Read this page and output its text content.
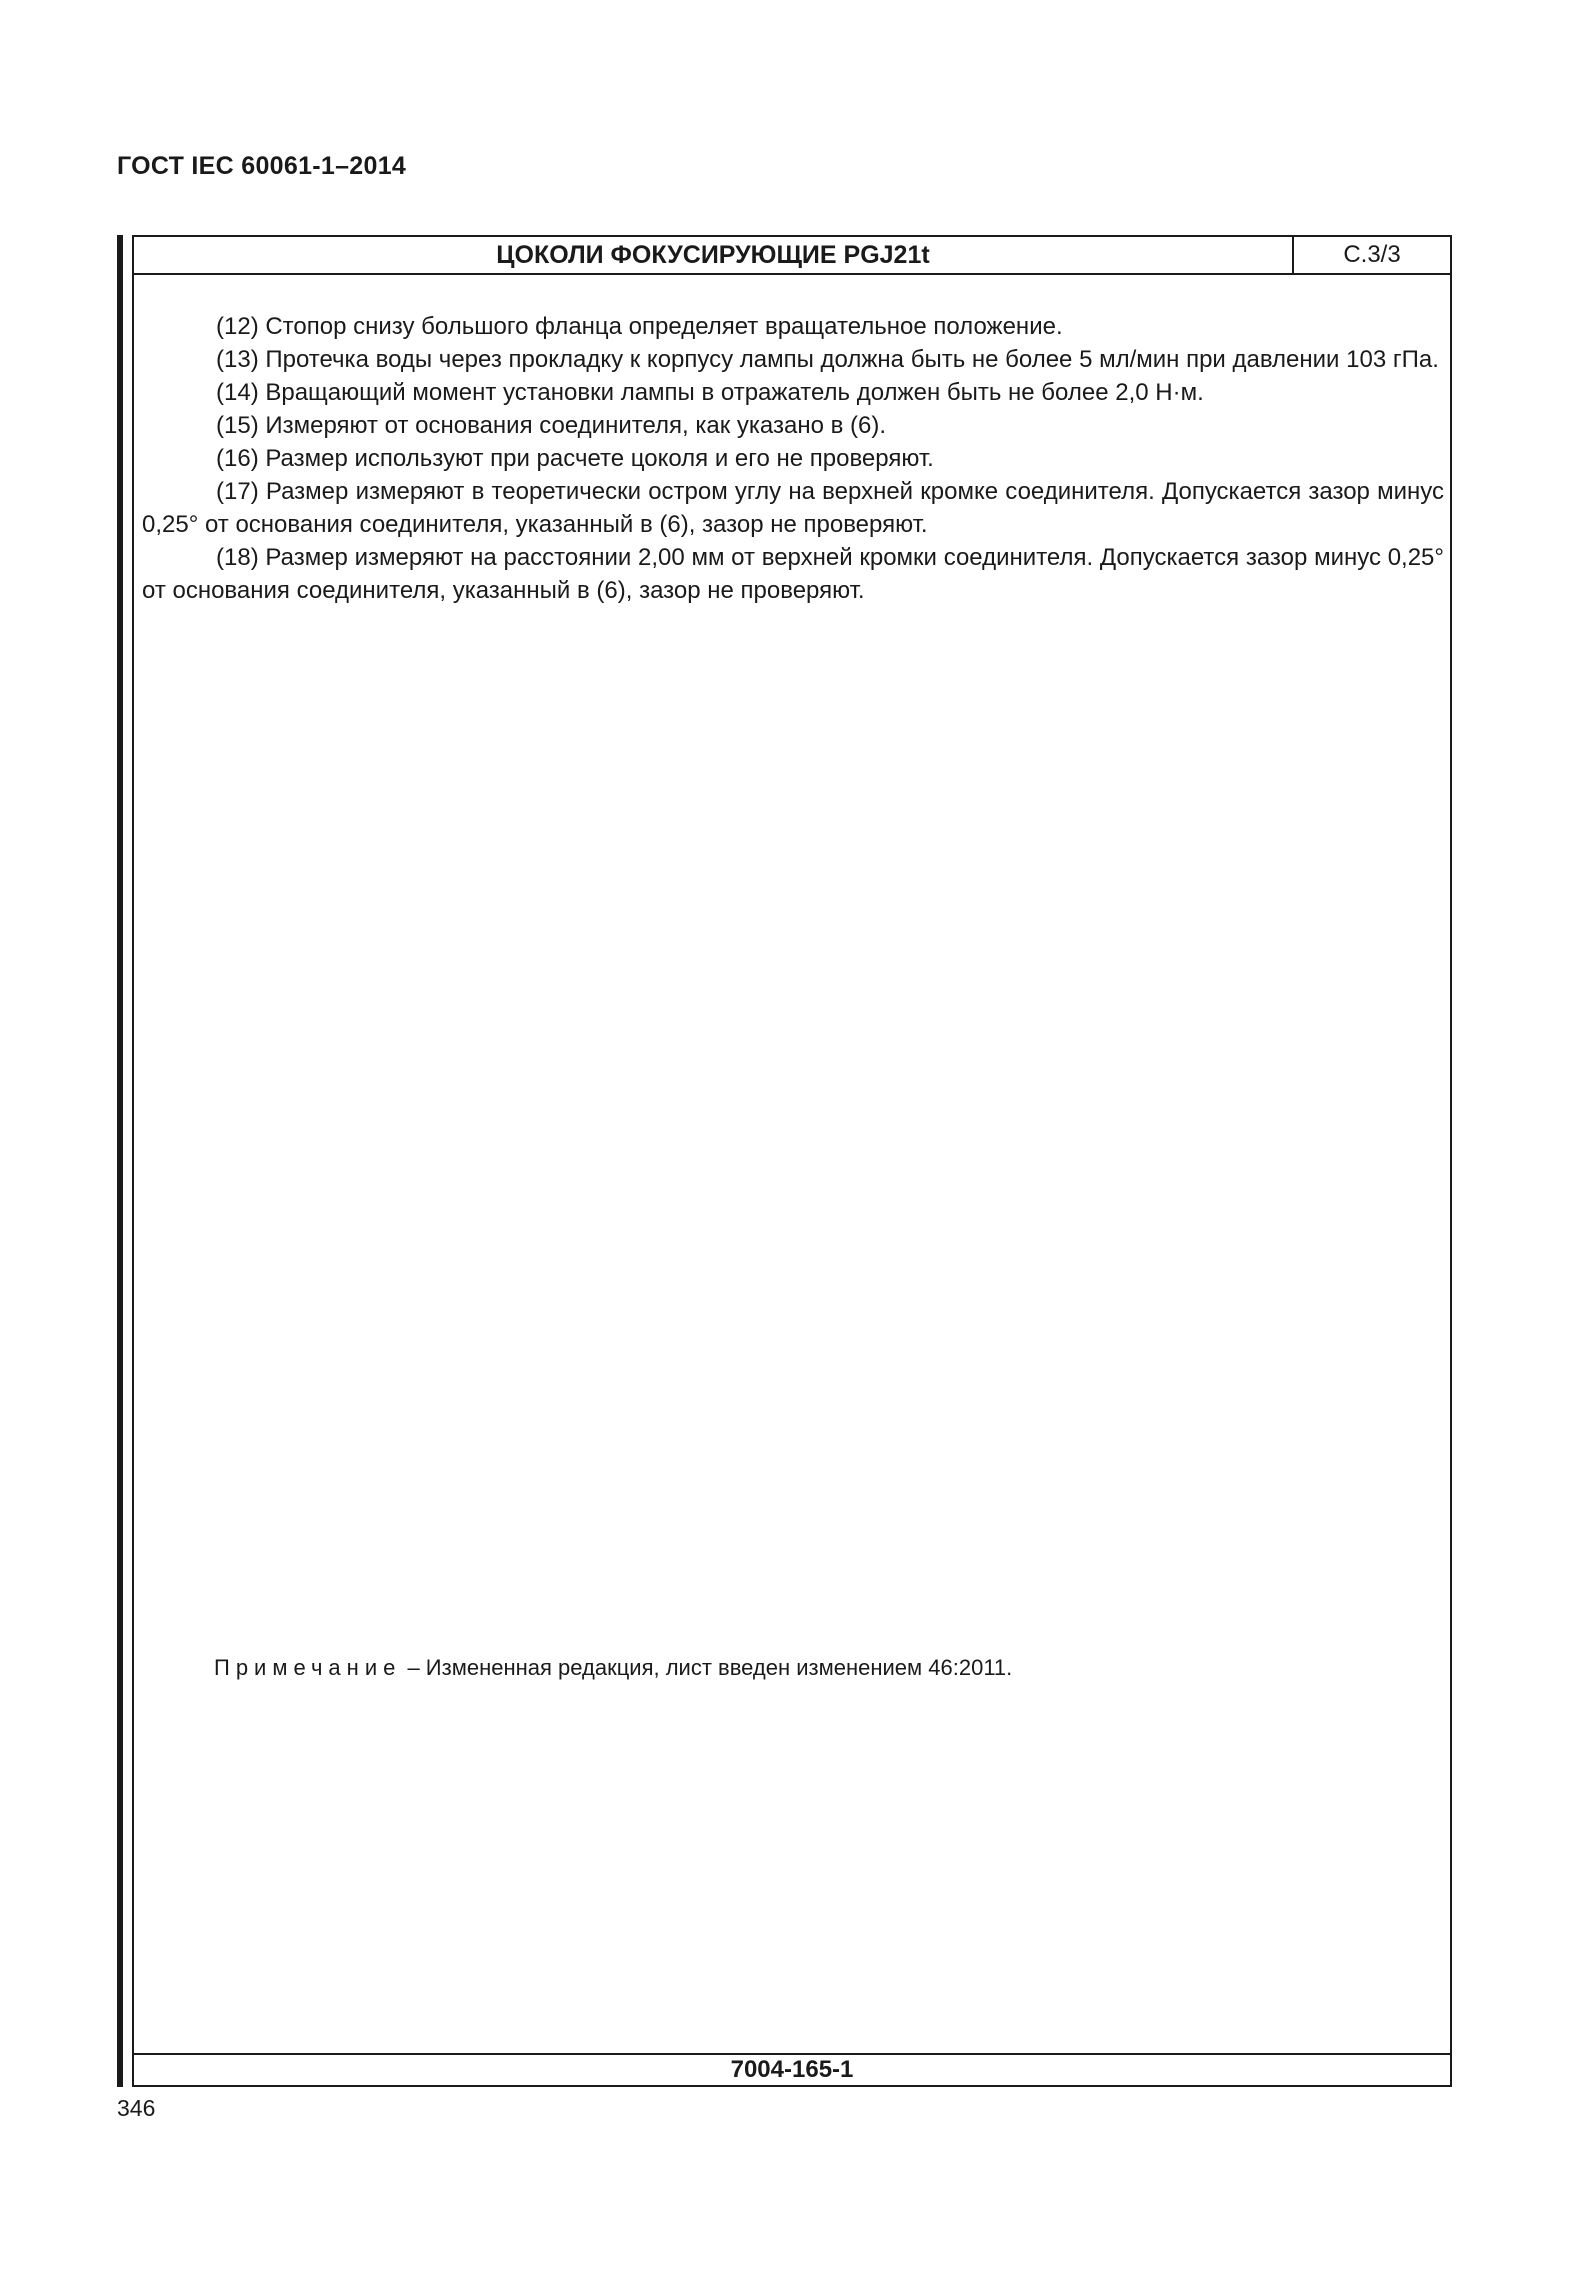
ГОСТ IEC 60061-1–2014
ЦОКОЛИ ФОКУСИРУЮЩИЕ PGJ21t	С.3/3

(12) Стопор снизу большого фланца определяет вращательное положение.

(13) Протечка воды через прокладку к корпусу лампы должна быть не более 5 мл/мин при давлении 103 гПа.

(14) Вращающий момент установки лампы в отражатель должен быть не более 2,0 Н·м.

(15) Измеряют от основания соединителя, как указано в (6).

(16) Размер используют при расчете цоколя и его не проверяют.

(17) Размер измеряют в теоретически остром углу на верхней кромке соединителя. Допускается зазор минус 0,25° от основания соединителя, указанный в (6), зазор не проверяют.

(18) Размер измеряют на расстоянии 2,00 мм от верхней кромки соединителя. Допускается зазор минус 0,25° от основания соединителя, указанный в (6), зазор не проверяют.

Примечание – Измененная редакция, лист введен изменением 46:2011.
7004-165-1
346
